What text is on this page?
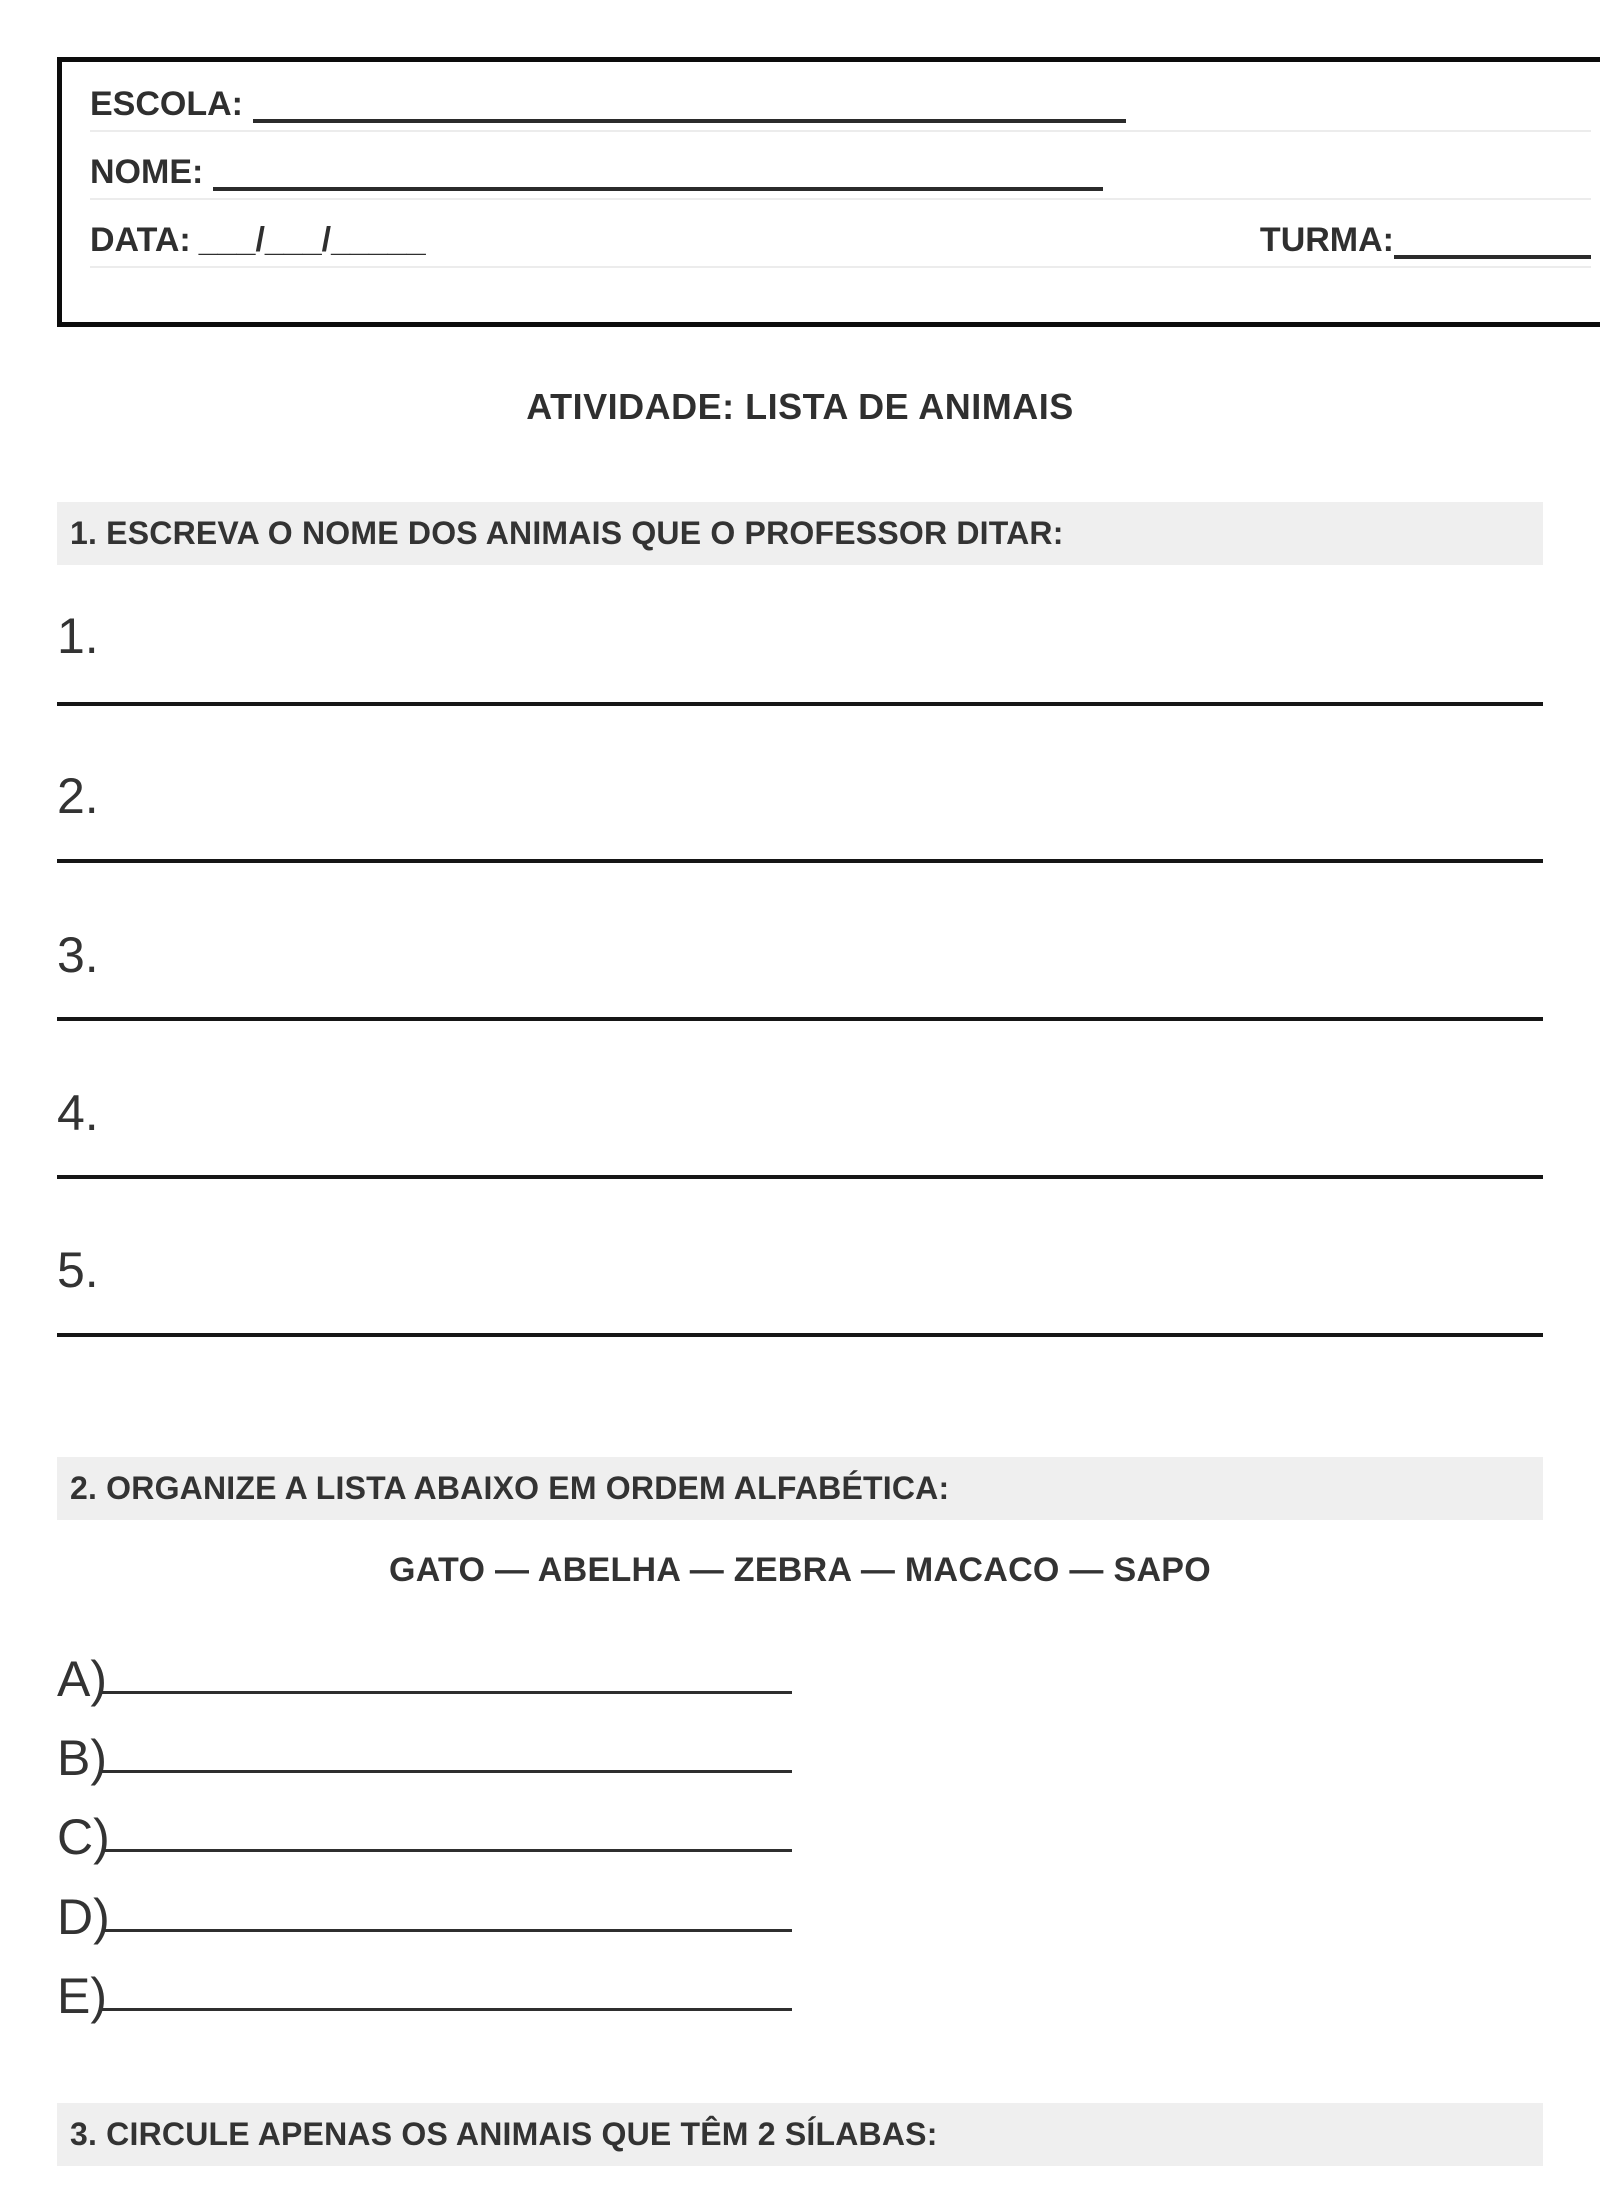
ESCOLA:
NOME:
DATA: ___/___/_____	TURMA:
ATIVIDADE: LISTA DE ANIMAIS
1. ESCREVA O NOME DOS ANIMAIS QUE O PROFESSOR DITAR:
1.
2.
3.
4.
5.
2. ORGANIZE A LISTA ABAIXO EM ORDEM ALFABÉTICA:
GATO — ABELHA — ZEBRA — MACACO — SAPO
A)
B)
C)
D)
E)
3. CIRCULE APENAS OS ANIMAIS QUE TÊM 2 SÍLABAS:
